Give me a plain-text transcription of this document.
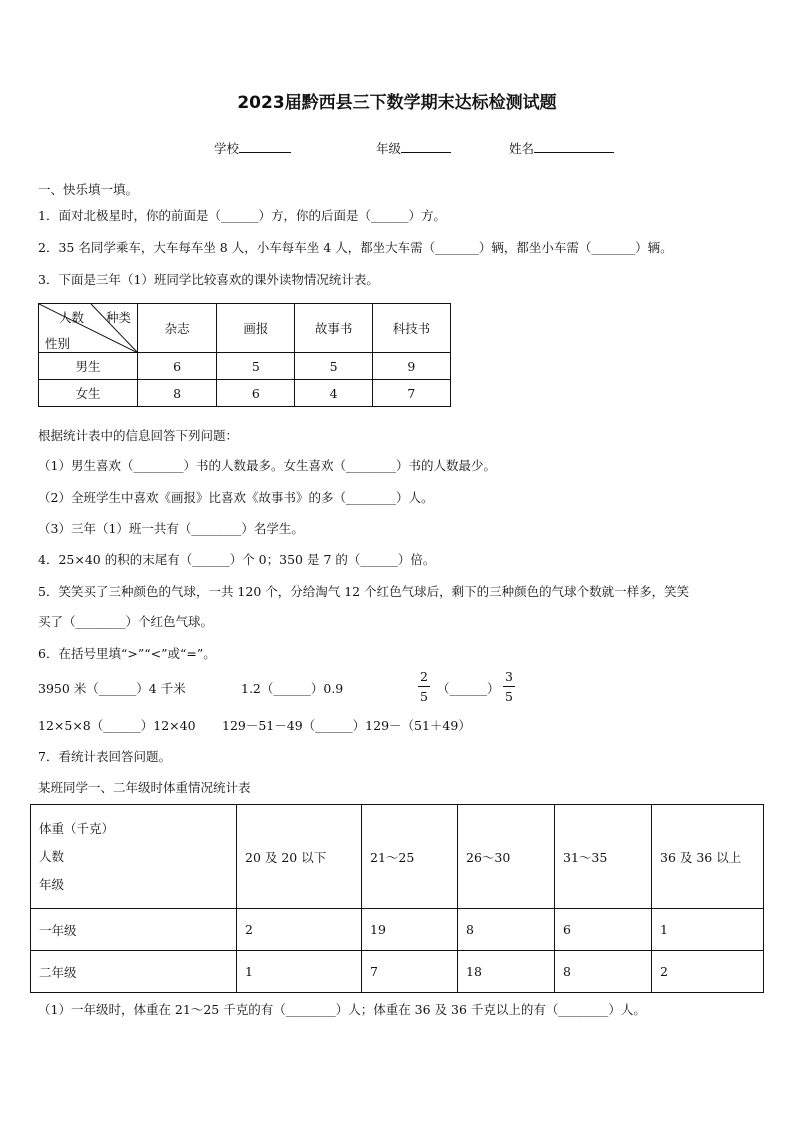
2023届黔西县三下数学期末达标检测试题
学校	年级	姓名
一、快乐填一填。
1．面对北极星时，你的前面是（______）方，你的后面是（______）方。
2．35 名同学乘车，大车每车坐 8 人，小车每车坐 4 人，都坐大车需（_______）辆，都坐小车需（_______）辆。
3．下面是三年（1）班同学比较喜欢的课外读物情况统计表。
种类
人数
性别	杂志	画报	故事书	科技书
男生	6	5	5	9
女生	8	6	4	7
根据统计表中的信息回答下列问题：
（1）男生喜欢（________）书的人数最多。女生喜欢（________）书的人数最少。
（2）全班学生中喜欢《画报》比喜欢《故事书》的多（________）人。
（3）三年（1）班一共有（________）名学生。
4．25×40 的积的末尾有（______）个 0；350 是 7 的（______）倍。
5．笑笑买了三种颜色的气球，一共 120 个，分给淘气 12 个红色气球后，剩下的三种颜色的气球个数就一样多，笑笑
买了（________）个红色气球。
6．在括号里填“>”“<”或“=”。
3950 米（______）4 千米	1.2（______）0.9
2
5
（______）
3
5
12×5×8（______）12×40 129－51－49（______）129－（51＋49）
7．看统计表回答问题。
某班同学一、二年级时体重情况统计表
体重（千克）
人数
年级	20 及 20 以下	21～25	26～30	31～35	36 及 36 以上
一年级	2	19	8	6	1
二年级	1	7	18	8	2
（1）一年级时，体重在 21～25 千克的有（________）人；体重在 36 及 36 千克以上的有（________）人。
